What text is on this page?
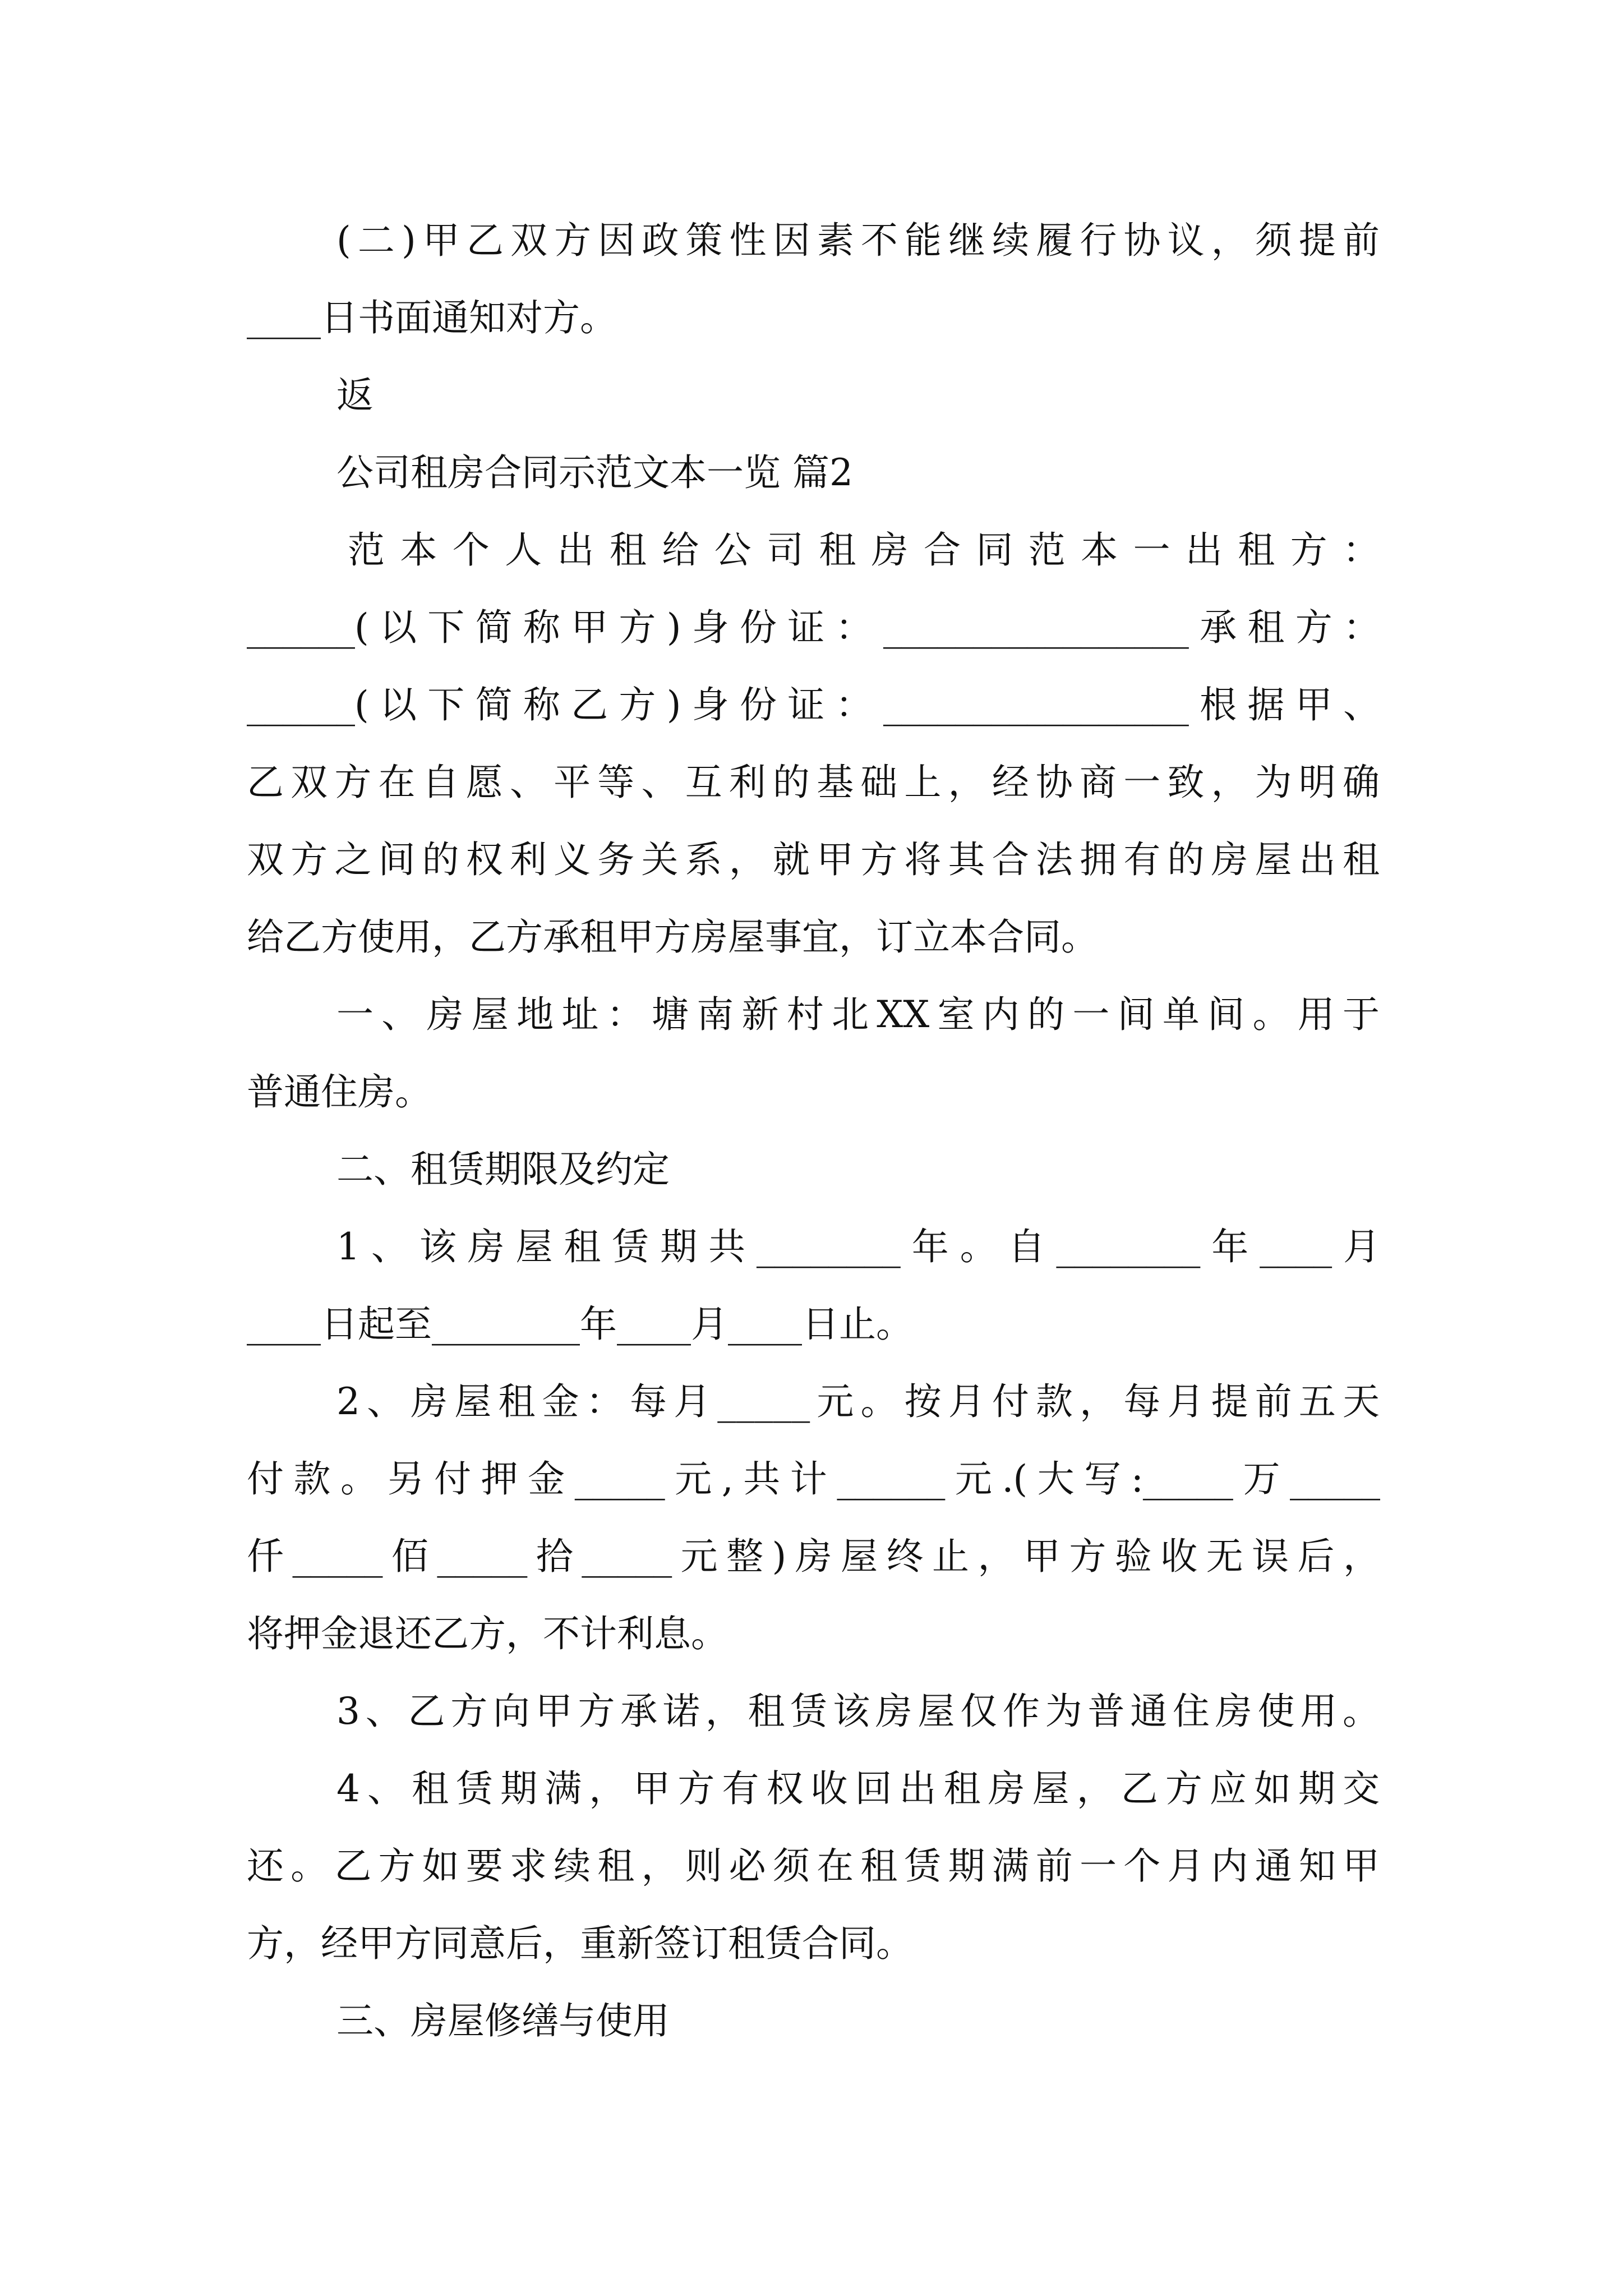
(二)甲乙双方因政策性因素不能继续履行协议，须提前

____日书面通知对方。

返

公司租房合同示范文本一览 篇2

范本个人出租给公司租房合同范本一出租方：

______(以下简称甲方)身份证：_________________承租方：

______(以下简称乙方)身份证：_________________根据甲、

乙双方在自愿、平等、互利的基础上，经协商一致，为明确

双方之间的权利义务关系，就甲方将其合法拥有的房屋出租

给乙方使用，乙方承租甲方房屋事宜，订立本合同。

一、房屋地址：塘南新村北XX室内的一间单间。用于

普通住房。

二、租赁期限及约定

1、该房屋租赁期共________年。自________年____月

____日起至________年____月____日止。

2、房屋租金：每月_____元。按月付款，每月提前五天

付款。另付押金_____元,共计______元.(大写:_____万_____

仟_____佰_____拾_____元整)房屋终止，甲方验收无误后，

将押金退还乙方，不计利息。

3、乙方向甲方承诺，租赁该房屋仅作为普通住房使用。

4、租赁期满，甲方有权收回出租房屋，乙方应如期交

还。乙方如要求续租，则必须在租赁期满前一个月内通知甲

方，经甲方同意后，重新签订租赁合同。

三、房屋修缮与使用
